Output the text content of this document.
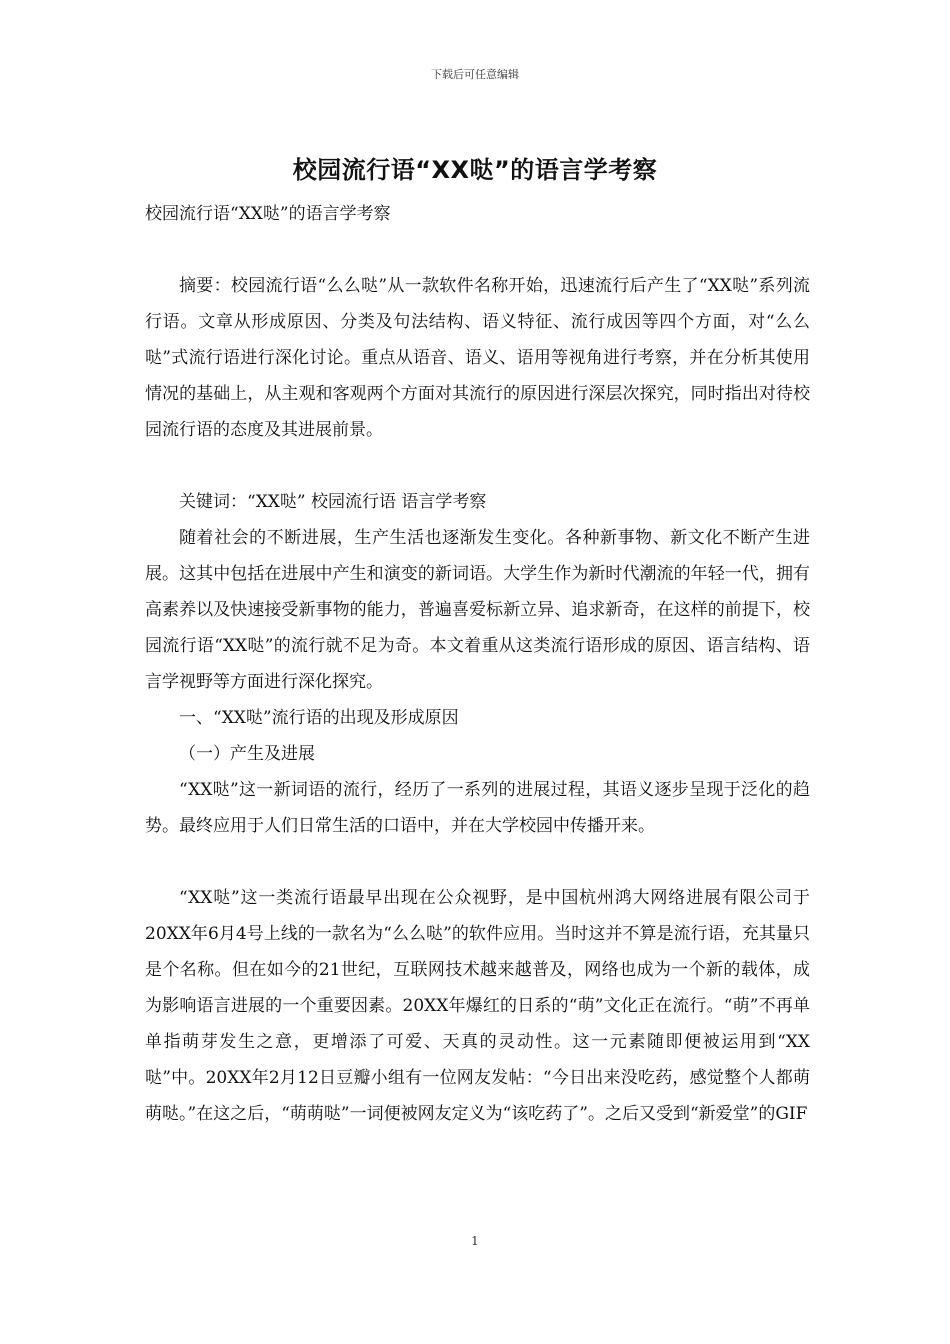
下载后可任意编辑
校园流行语“XX哒”的语言学考察

校园流行语“XX哒”的语言学考察

摘要：校园流行语“么么哒”从一款软件名称开始，迅速流行后产生了“XX哒”系列流行语。文章从形成原因、分类及句法结构、语义特征、流行成因等四个方面，对“么么哒”式流行语进行深化讨论。重点从语音、语义、语用等视角进行考察，并在分析其使用情况的基础上，从主观和客观两个方面对其流行的原因进行深层次探究，同时指出对待校园流行语的态度及其进展前景。

关键词：“XX哒” 校园流行语 语言学考察

随着社会的不断进展，生产生活也逐渐发生变化。各种新事物、新文化不断产生进展。这其中包括在进展中产生和演变的新词语。大学生作为新时代潮流的年轻一代，拥有高素养以及快速接受新事物的能力，普遍喜爱标新立异、追求新奇，在这样的前提下，校园流行语“XX哒”的流行就不足为奇。本文着重从这类流行语形成的原因、语言结构、语言学视野等方面进行深化探究。

一、“XX哒”流行语的出现及形成原因

（一）产生及进展

“XX哒”这一新词语的流行，经历了一系列的进展过程，其语义逐步呈现于泛化的趋势。最终应用于人们日常生活的口语中，并在大学校园中传播开来。

“XX哒”这一类流行语最早出现在公众视野，是中国杭州鸿大网络进展有限公司于20XX年6月4号上线的一款名为“么么哒”的软件应用。当时这并不算是流行语，充其量只是个名称。但在如今的21世纪，互联网技术越来越普及，网络也成为一个新的载体，成为影响语言进展的一个重要因素。20XX年爆红的日系的“萌”文化正在流行。“萌”不再单单指萌芽发生之意，更增添了可爱、天真的灵动性。这一元素随即便被运用到“XX哒”中。20XX年2月12日豆瓣小组有一位网友发帖：“今日出来没吃药，感觉整个人都萌萌哒。”在这之后，“萌萌哒”一词便被网友定义为“该吃药了”。之后又受到“新爱堂”的GIF

1
